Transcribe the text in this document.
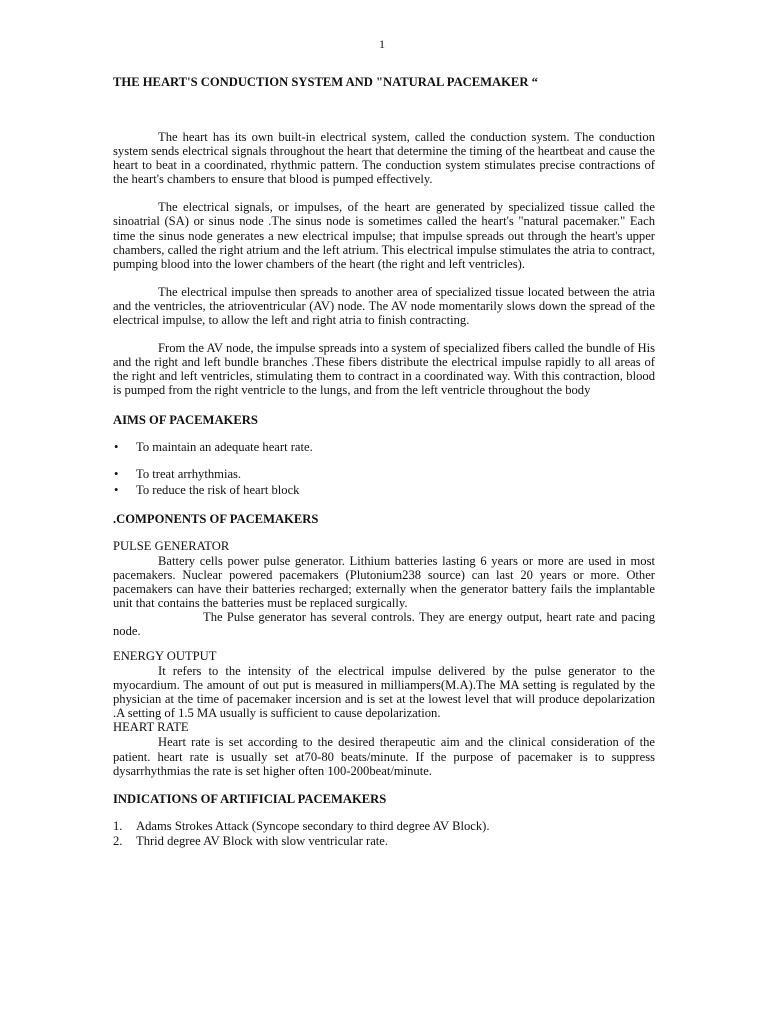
1
THE HEART'S CONDUCTION SYSTEM AND "NATURAL PACEMAKER “

The heart has its own built-in electrical system, called the conduction system. The conduction system sends electrical signals throughout the heart that determine the timing of the heartbeat and cause the heart to beat in a coordinated, rhythmic pattern. The conduction system stimulates precise contractions of the heart's chambers to ensure that blood is pumped effectively.

The electrical signals, or impulses, of the heart are generated by specialized tissue called the sinoatrial (SA) or sinus node .The sinus node is sometimes called the heart's "natural pacemaker." Each time the sinus node generates a new electrical impulse; that impulse spreads out through the heart's upper chambers, called the right atrium and the left atrium. This electrical impulse stimulates the atria to contract, pumping blood into the lower chambers of the heart (the right and left ventricles).

The electrical impulse then spreads to another area of specialized tissue located between the atria and the ventricles, the atrioventricular (AV) node. The AV node momentarily slows down the spread of the electrical impulse, to allow the left and right atria to finish contracting.

From the AV node, the impulse spreads into a system of specialized fibers called the bundle of His and the right and left bundle branches .These fibers distribute the electrical impulse rapidly to all areas of the right and left ventricles, stimulating them to contract in a coordinated way. With this contraction, blood is pumped from the right ventricle to the lungs, and from the left ventricle throughout the body

AIMS OF PACEMAKERS
• To maintain an adequate heart rate.
• To treat arrhythmias.
• To reduce the risk of heart block
.COMPONENTS OF PACEMAKERS
PULSE GENERATOR

Battery cells power pulse generator. Lithium batteries lasting 6 years or more are used in most pacemakers. Nuclear powered pacemakers (Plutonium238 source) can last 20 years or more. Other pacemakers can have their batteries recharged; externally when the generator battery fails the implantable unit that contains the batteries must be replaced surgically.

The Pulse generator has several controls. They are energy output, heart rate and pacing node.

ENERGY OUTPUT

It refers to the intensity of the electrical impulse delivered by the pulse generator to the myocardium. The amount of out put is measured in milliampers(M.A).The MA setting is regulated by the physician at the time of pacemaker incersion and is set at the lowest level that will produce depolarization .A setting of 1.5 MA usually is sufficient to cause depolarization.

HEART RATE

Heart rate is set according to the desired therapeutic aim and the clinical consideration of the patient. heart rate is usually set at70-80 beats/minute. If the purpose of pacemaker is to suppress dysarrhythmias the rate is set higher often 100-200beat/minute.

INDICATIONS OF ARTIFICIAL PACEMAKERS
1. Adams Strokes Attack (Syncope secondary to third degree AV Block).
2. Thrid degree AV Block with slow ventricular rate.
